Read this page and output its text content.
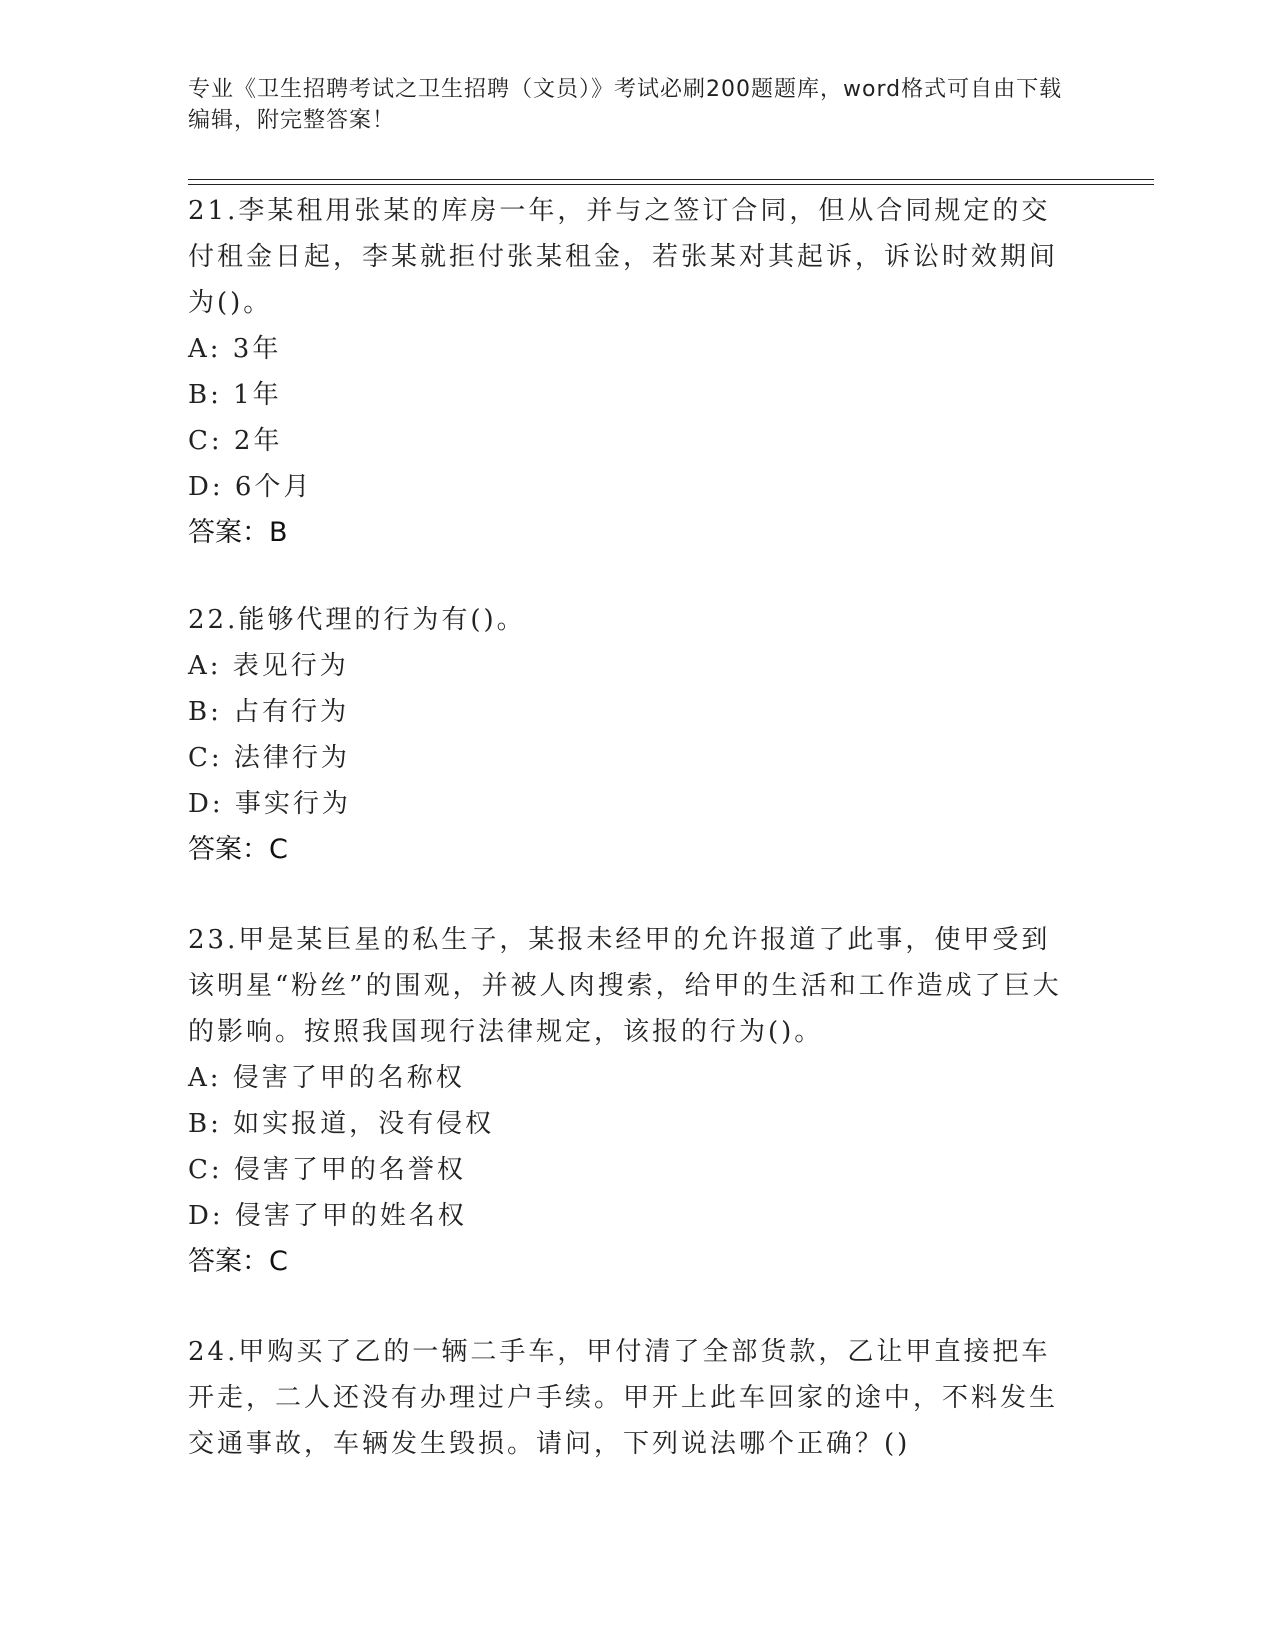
专业《卫生招聘考试之卫生招聘（文员）》考试必刷200题题库，word格式可自由下载编辑，附完整答案！
21.李某租用张某的库房一年，并与之签订合同，但从合同规定的交付租金日起，李某就拒付张某租金，若张某对其起诉，诉讼时效期间为()。
A: 3年
B: 1年
C: 2年
D: 6个月
答案：B
22.能够代理的行为有()。
A: 表见行为
B: 占有行为
C: 法律行为
D: 事实行为
答案：C
23.甲是某巨星的私生子，某报未经甲的允许报道了此事，使甲受到该明星“粉丝”的围观，并被人肉搜索，给甲的生活和工作造成了巨大的影响。按照我国现行法律规定，该报的行为()。
A: 侵害了甲的名称权
B: 如实报道，没有侵权
C: 侵害了甲的名誉权
D: 侵害了甲的姓名权
答案：C
24.甲购买了乙的一辆二手车，甲付清了全部货款，乙让甲直接把车开走，二人还没有办理过户手续。甲开上此车回家的途中，不料发生交通事故，车辆发生毁损。请问，下列说法哪个正确？()
